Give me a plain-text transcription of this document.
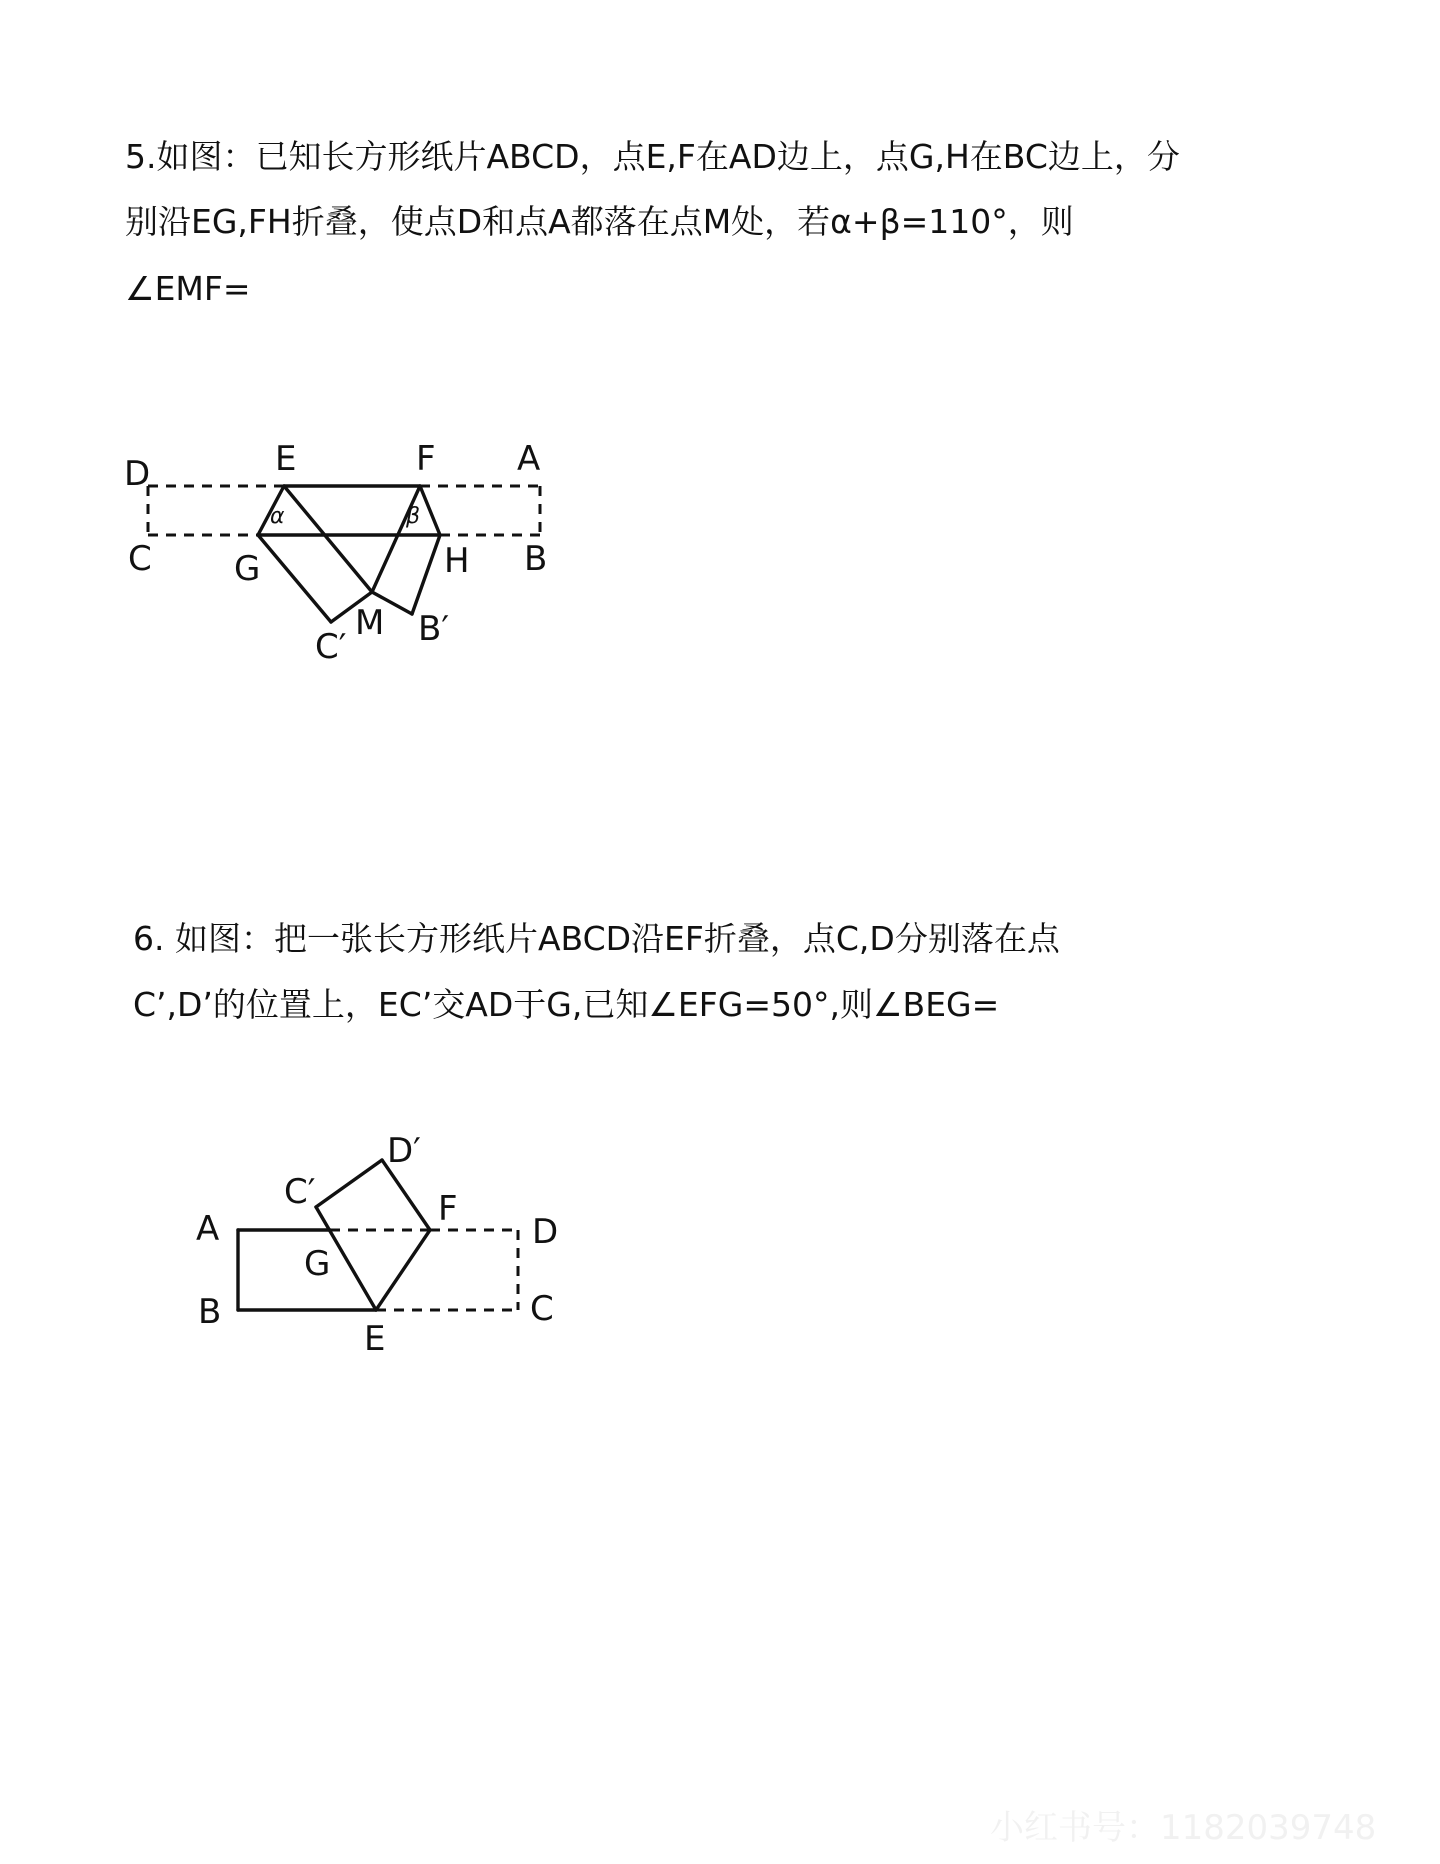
5.如图：已知长方形纸片ABCD，点E,F在AD边上，点G,H在BC边上，分
别沿EG,FH折叠，使点D和点A都落在点M处，若α+β=110°，则
∠EMF=
D	E	F A
C G	H B
M
C′ B′
α	β
6. 如图：把一张长方形纸片ABCD沿EF折叠，点C,D分别落在点
C’,D’的位置上，EC’交AD于G,已知∠EFG=50°,则∠BEG=
A
B
G
E
F
D
C
C′
D′
小红书号：1182039748
